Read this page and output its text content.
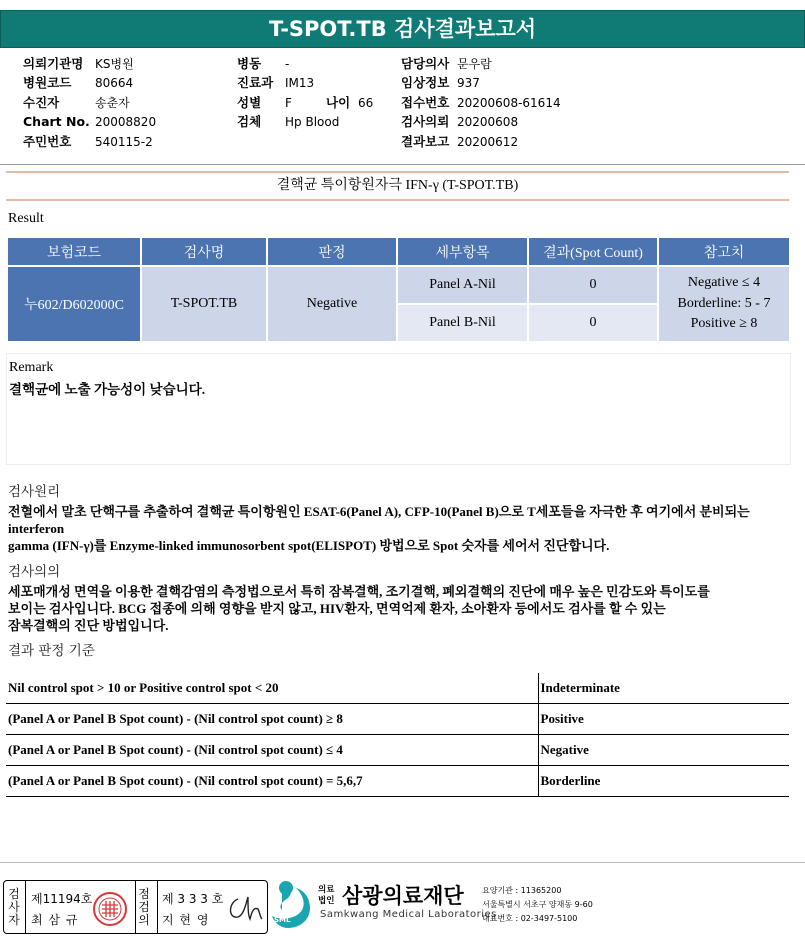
T-SPOT.TB 검사결과보고서
의뢰기관명 KS병원
병원코드 80664
수진자	송춘자
Chart No. 20008820
주민번호 540115-2
병동 -
진료과 IM13
성별 F	나이 66
검체 Hp Blood
담당의사 문우람
임상정보 937
접수번호 20200608-61614
검사의뢰 20200608
결과보고 20200612
결핵균 특이항원자극 IFN-γ (T-SPOT.TB)
Result
보험코드	검사명	판정	세부항목	결과(Spot Count)	참고치
누602/D602000C	T-SPOT.TB	Negative	Panel A-Nil	0	Negative ≤ 4
Borderline: 5 - 7
Positive ≥ 8

			Panel B-Nil	0	
Remark
결핵균에 노출 가능성이 낮습니다.
검사원리
전혈에서 말초 단핵구를 추출하여 결핵균 특이항원인 ESAT-6(Panel A), CFP-10(Panel B)으로 T세포들을 자극한 후 여기에서 분비되는 interferon
gamma (IFN-γ)를 Enzyme-linked immunosorbent spot(ELISPOT) 방법으로 Spot 숫자를 세어서 진단합니다.
검사의의
세포매개성 면역을 이용한 결핵감염의 측정법으로서 특히 잠복결핵, 조기결핵, 폐외결핵의 진단에 매우 높은 민감도와 특이도를
보이는 검사입니다. BCG 접종에 의해 영향을 받지 않고, HIV환자, 면역억제 환자, 소아환자 등에서도 검사를 할 수 있는
잠복결핵의 진단 방법입니다.
결과 판정 기준
Nil control spot > 10 or Positive control spot < 20	Indeterminate
(Panel A or Panel B Spot count) - (Nil control spot count) ≥ 8	Positive
(Panel A or Panel B Spot count) - (Nil control spot count) ≤ 4	Negative
(Panel A or Panel B Spot count) - (Nil control spot count) = 5,6,7	Borderline
검
사
자
제11194호
최 삼 규
점
검
의
제 3 3 3 호
지 현 영	SML
의료
법인 삼광의료재단
Samkwang Medical Laboratories
요양기관 : 11365200
서울특별시 서초구 양재동 9-60
대표번호 : 02-3497-5100
